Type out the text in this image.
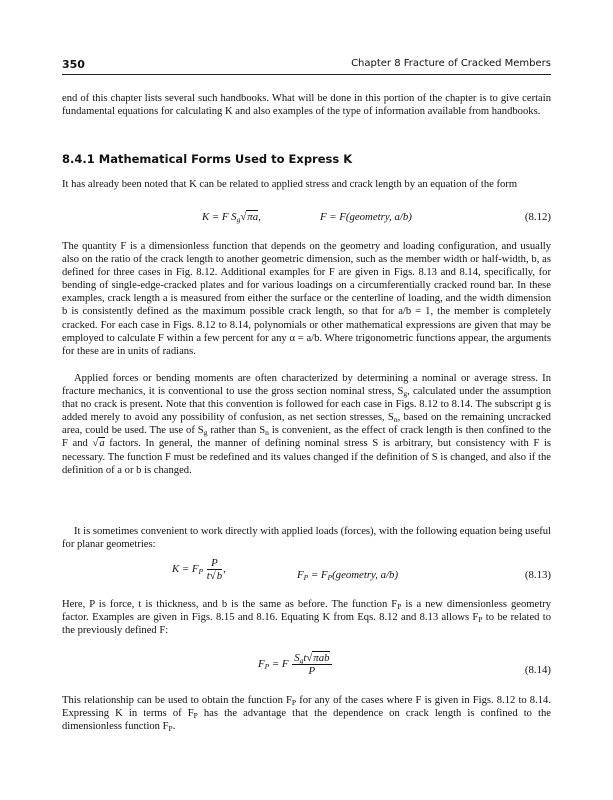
350	Chapter 8 Fracture of Cracked Members

end of this chapter lists several such handbooks. What will be done in this portion of the chapter is to give certain fundamental equations for calculating K and also examples of the type of information available from handbooks.

8.4.1 Mathematical Forms Used to Express K

It has already been noted that K can be related to applied stress and crack length by an equation of the form

K = F $S_g√\pi a$,	F = F(geometry, a/b)	(8.12)

The quantity F is a dimensionless function that depends on the geometry and loading configuration, and usually also on the ratio of the crack length to another geometric dimension, such as the member width or half-width, b, as defined for three cases in Fig. 8.12. Additional examples for F are given in Figs. 8.13 and 8.14, specifically, for bending of single-edge-cracked plates and for various loadings on a circumferentially cracked round bar. In these examples, crack length a is measured from either the surface or the centerline of loading, and the width dimension b is consistently defined as the maximum possible crack length, so that for a/b = 1, the member is completely cracked. For each case in Figs. 8.12 to 8.14, polynomials or other mathematical expressions are given that may be employed to calculate F within a few percent for any α = a/b. Where trigonometric functions appear, the arguments for these are in units of radians.

Applied forces or bending moments are often characterized by determining a nominal or average stress. In fracture mechanics, it is conventional to use the gross section nominal stress, $S_g$, calculated under the assumption that no crack is present. Note that this convention is followed for each case in Figs. 8.12 to 8.14. The subscript g is added merely to avoid any possibility of confusion, as net section stresses, $S_n$, based on the remaining uncracked area, could be used. The use of $S_g$ rather than $S_n$ is convenient, as the effect of crack length is then confined to the F and √a factors. In general, the manner of defining nominal stress S is arbitrary, but consistency with F is necessary. The function F must be redefined and its values changed if the definition of S is changed, and also if the definition of a or b is changed.

It is sometimes convenient to work directly with applied loads (forces), with the following equation being useful for planar geometries:

$K = F_P \frac{P}{t√b}$ ,
$F_P$ = $F_P(geometry$, a/b)	(8.13)

Here, P is force, t is thickness, and b is the same as before. The function $F_P$ is a new dimensionless geometry factor. Examples are given in Figs. 8.15 and 8.16. Equating K from Eqs. 8.12 and 8.13 allows $F_P$ to be related to the previously defined F:

$F_P = F \frac{S_gt√\pi ab}{P}$	(8.14)

This relationship can be used to obtain the function $F_P$ for any of the cases where F is given in Figs. 8.12 to 8.14. Expressing K in terms of $F_P$ has the advantage that the dependence on crack length is confined to the dimensionless function $F_P$.
